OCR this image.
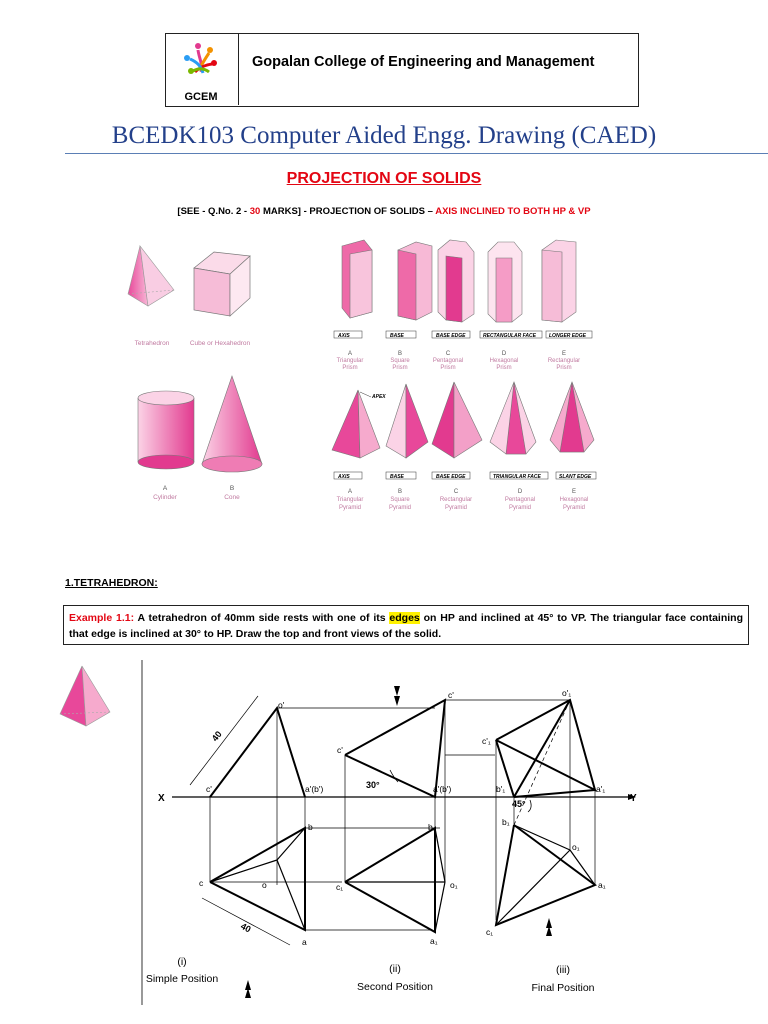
GCEM
Gopalan College of Engineering and Management
BCEDK103 Computer Aided Engg. Drawing (CAED)
PROJECTION OF SOLIDS
[SEE - Q.No. 2 - 30 MARKS] - PROJECTION OF SOLIDS – AXIS INCLINED TO BOTH HP & VP
Tetrahedron	Cube or Hexahedron
A
Cylinder
B
Cone
AXIS	BASE	BASE EDGE	RECTANGULAR FACE	LONGER EDGE
A
Triangular
Prism
B
Square
Prism
C
Pentagonal
Prism
D
Hexagonal
Prism
E
Rectangular
Prism
APEX
AXIS	BASE	BASE EDGE	TRIANGULAR FACE	SLANT EDGE
A
Triangular
Pyramid
B
Square
Pyramid
C
Rectangular
Pyramid
D
Pentagonal
Pyramid
E
Hexagonal
Pyramid
1.TETRAHEDRON:
Example 1.1: A tetrahedron of 40mm side rests with one of its edges on HP and inclined at 45° to VP. The triangular face containing that edge is inclined at 30° to HP. Draw the top and front views of the solid.
X	Y
40
40
30°
45°
o'
c'	a'(b')
b
c	o
a
c'
c'
a'(b')
b₁
c₁	o₁
a₁
o'₁
c'₁
b'₁	a'₁
b₁
o₁
a₁
c₁
(i)
Simple Position
(ii)
Second Position
(iii)
Final Position
